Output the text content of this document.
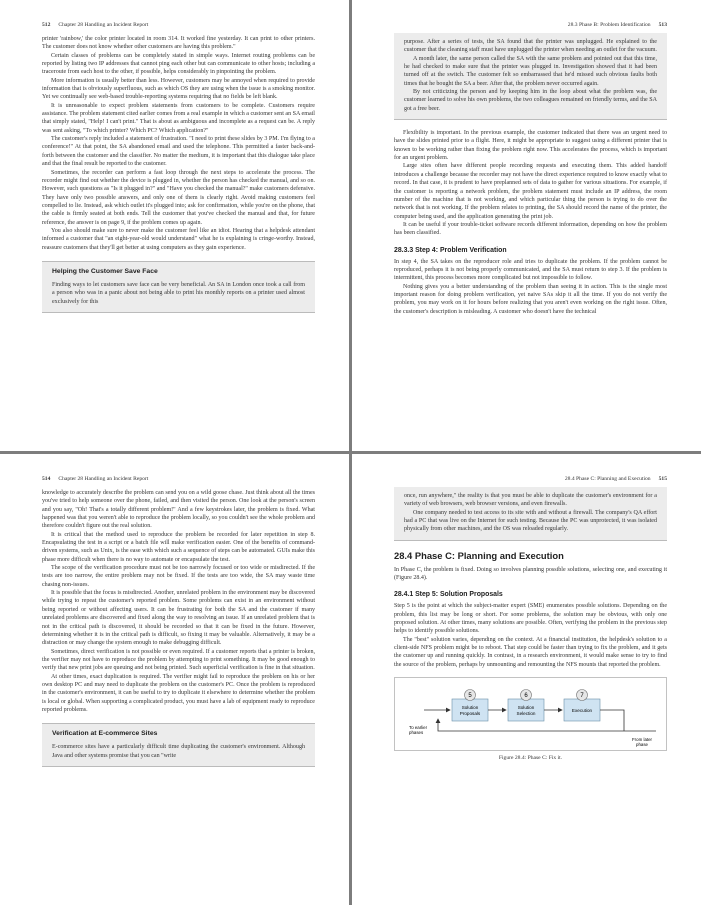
512 Chapter 28 Handling an Incident Report

printer 'rainbow,' the color printer located in room 314. It worked fine yesterday. It can print to other printers. The customer does not know whether other customers are having this problem."

Certain classes of problems can be completely stated in simple ways. Internet routing problems can be reported by listing two IP addresses that cannot ping each other but can communicate to other hosts; including a traceroute from each host to the other, if possible, helps considerably in pinpointing the problem.

More information is usually better than less. However, customers may be annoyed when required to provide information that is obviously superfluous, such as which OS they are using when the issue is a smoking monitor. Yet we continually see web-based trouble-reporting systems requiring that no fields be left blank.

It is unreasonable to expect problem statements from customers to be complete. Customers require assistance. The problem statement cited earlier comes from a real example in which a customer sent an SA email that simply stated, "Help! I can't print." That is about as ambiguous and incomplete as a request can be. A reply was sent asking, "To which printer? Which PC? Which application?"

The customer's reply included a statement of frustration. "I need to print these slides by 3 PM. I'm flying to a conference!" At that point, the SA abandoned email and used the telephone. This permitted a faster back-and-forth between the customer and the classifier. No matter the medium, it is important that this dialogue take place and that the final result be reported to the customer.

Sometimes, the recorder can perform a fast loop through the next steps to accelerate the process. The recorder might find out whether the device is plugged in, whether the person has checked the manual, and so on. However, such questions as "Is it plugged in?" and "Have you checked the manual?" make customers defensive. They have only two possible answers, and only one of them is clearly right. Avoid making customers feel compelled to lie. Instead, ask which outlet it's plugged into; ask for confirmation, while you're on the phone, that the cable is firmly seated at both ends. Tell the customer that you've checked the manual and that, for future reference, the answer is on page 9, if the problem comes up again.

You also should make sure to never make the customer feel like an idiot. Hearing that a helpdesk attendant informed a customer that "an eight-year-old would understand" what he is explaining is cringe-worthy. Instead, reassure customers that they'll get better at using computers as they gain experience.

Helping the Customer Save Face

Finding ways to let customers save face can be very beneficial. An SA in London once took a call from a person who was in a panic about not being able to print his monthly reports on a printer used almost exclusively for this

28.3 Phase B: Problem Identification 513

purpose. After a series of tests, the SA found that the printer was unplugged. He explained to the customer that the cleaning staff must have unplugged the printer when needing an outlet for the vacuum.

A month later, the same person called the SA with the same problem and pointed out that this time, he had checked to make sure that the printer was plugged in. Investigation showed that it had been turned off at the switch. The customer felt so embarrassed that he'd missed such obvious faults both times that he bought the SA a beer. After that, the problem never occurred again.

By not criticizing the person and by keeping him in the loop about what the problem was, the customer learned to solve his own problems, the two colleagues remained on friendly terms, and the SA got a free beer.

Flexibility is important. In the previous example, the customer indicated that there was an urgent need to have the slides printed prior to a flight. Here, it might be appropriate to suggest using a different printer that is known to be working rather than fixing the problem right now. This accelerates the process, which is important for an urgent problem.

Large sites often have different people recording requests and executing them. This added handoff introduces a challenge because the recorder may not have the direct experience required to know exactly what to record. In that case, it is prudent to have preplanned sets of data to gather for various situations. For example, if the customer is reporting a network problem, the problem statement must include an IP address, the room number of the machine that is not working, and which particular thing the person is trying to do over the network that is not working. If the problem relates to printing, the SA should record the name of the printer, the computer being used, and the application generating the print job.

It can be useful if your trouble-ticket software records different information, depending on how the problem has been classified.

28.3.3 Step 4: Problem Verification

In step 4, the SA takes on the reproducer role and tries to duplicate the problem. If the problem cannot be reproduced, perhaps it is not being properly communicated, and the SA must return to step 3. If the problem is intermittent, this process becomes more complicated but not impossible to follow.

Nothing gives you a better understanding of the problem than seeing it in action. This is the single most important reason for doing problem verification, yet naive SAs skip it all the time. If you do not verify the problem, you may work on it for hours before realizing that you aren't even working on the right issue. Often, the customer's description is misleading. A customer who doesn't have the technical

514 Chapter 28 Handling an Incident Report

knowledge to accurately describe the problem can send you on a wild goose chase. Just think about all the times you've tried to help someone over the phone, failed, and then visited the person. One look at the person's screen and you say, "Oh! That's a totally different problem!" And a few keystrokes later, the problem is fixed. What happened was that you weren't able to reproduce the problem locally, so you couldn't see the whole problem and therefore couldn't figure out the real solution.

It is critical that the method used to reproduce the problem be recorded for later repetition in step 8. Encapsulating the test in a script or a batch file will make verification easier. One of the benefits of command-driven systems, such as Unix, is the ease with which such a sequence of steps can be automated. GUIs make this phase more difficult when there is no way to automate or encapsulate the test.

The scope of the verification procedure must not be too narrowly focused or too wide or misdirected. If the tests are too narrow, the entire problem may not be fixed. If the tests are too wide, the SA may waste time chasing non-issues.

It is possible that the focus is misdirected. Another, unrelated problem in the environment may be discovered while trying to repeat the customer's reported problem. Some problems can exist in an environment without being reported or without affecting users. It can be frustrating for both the SA and the customer if many unrelated problems are discovered and fixed along the way to resolving an issue. If an unrelated problem that is not in the critical path is discovered, it should be recorded so that it can be fixed in the future. However, determining whether it is in the critical path is difficult, so fixing it may be valuable. Alternatively, it may be a distraction or may change the system enough to make debugging difficult.

Sometimes, direct verification is not possible or even required. If a customer reports that a printer is broken, the verifier may not have to reproduce the problem by attempting to print something. It may be good enough to verify that new print jobs are queuing and not being printed. Such superficial verification is fine in that situation.

At other times, exact duplication is required. The verifier might fail to reproduce the problem on his or her own desktop PC and may need to duplicate the problem on the customer's PC. Once the problem is reproduced in the customer's environment, it can be useful to try to duplicate it elsewhere to determine whether the problem is local or global. When supporting a complicated product, you must have a lab of equipment ready to reproduce reported problems.

Verification at E-commerce Sites

E-commerce sites have a particularly difficult time duplicating the customer's environment. Although Java and other systems promise that you can "write

28.4 Phase C: Planning and Execution 515

once, run anywhere," the reality is that you must be able to duplicate the customer's environment for a variety of web browsers, web browser versions, and even firewalls.

One company needed to test access to its site with and without a firewall. The company's QA effort had a PC that was live on the Internet for such testing. Because the PC was unprotected, it was isolated physically from other machines, and the OS was reloaded regularly.

28.4 Phase C: Planning and Execution

In Phase C, the problem is fixed. Doing so involves planning possible solutions, selecting one, and executing it (Figure 28.4).

28.4.1 Step 5: Solution Proposals

Step 5 is the point at which the subject-matter expert (SME) enumerates possible solutions. Depending on the problem, this list may be long or short. For some problems, the solution may be obvious, with only one proposed solution. At other times, many solutions are possible. Often, verifying the problem in the previous step helps to identify possible solutions.

The "best" solution varies, depending on the context. At a financial institution, the helpdesk's solution to a client-side NFS problem might be to reboot. That step could be faster than trying to fix the problem, and it gets the customer up and running quickly. In contrast, in a research environment, it would make sense to try to find the source of the problem, perhaps by unmounting and remounting the NFS mounts that reported the problem.

5	6	7
Solution
Proposals
Solution
Selection
Execution
To earlier
phases
From later
phase
Figure 28.4: Phase C: Fix it.
